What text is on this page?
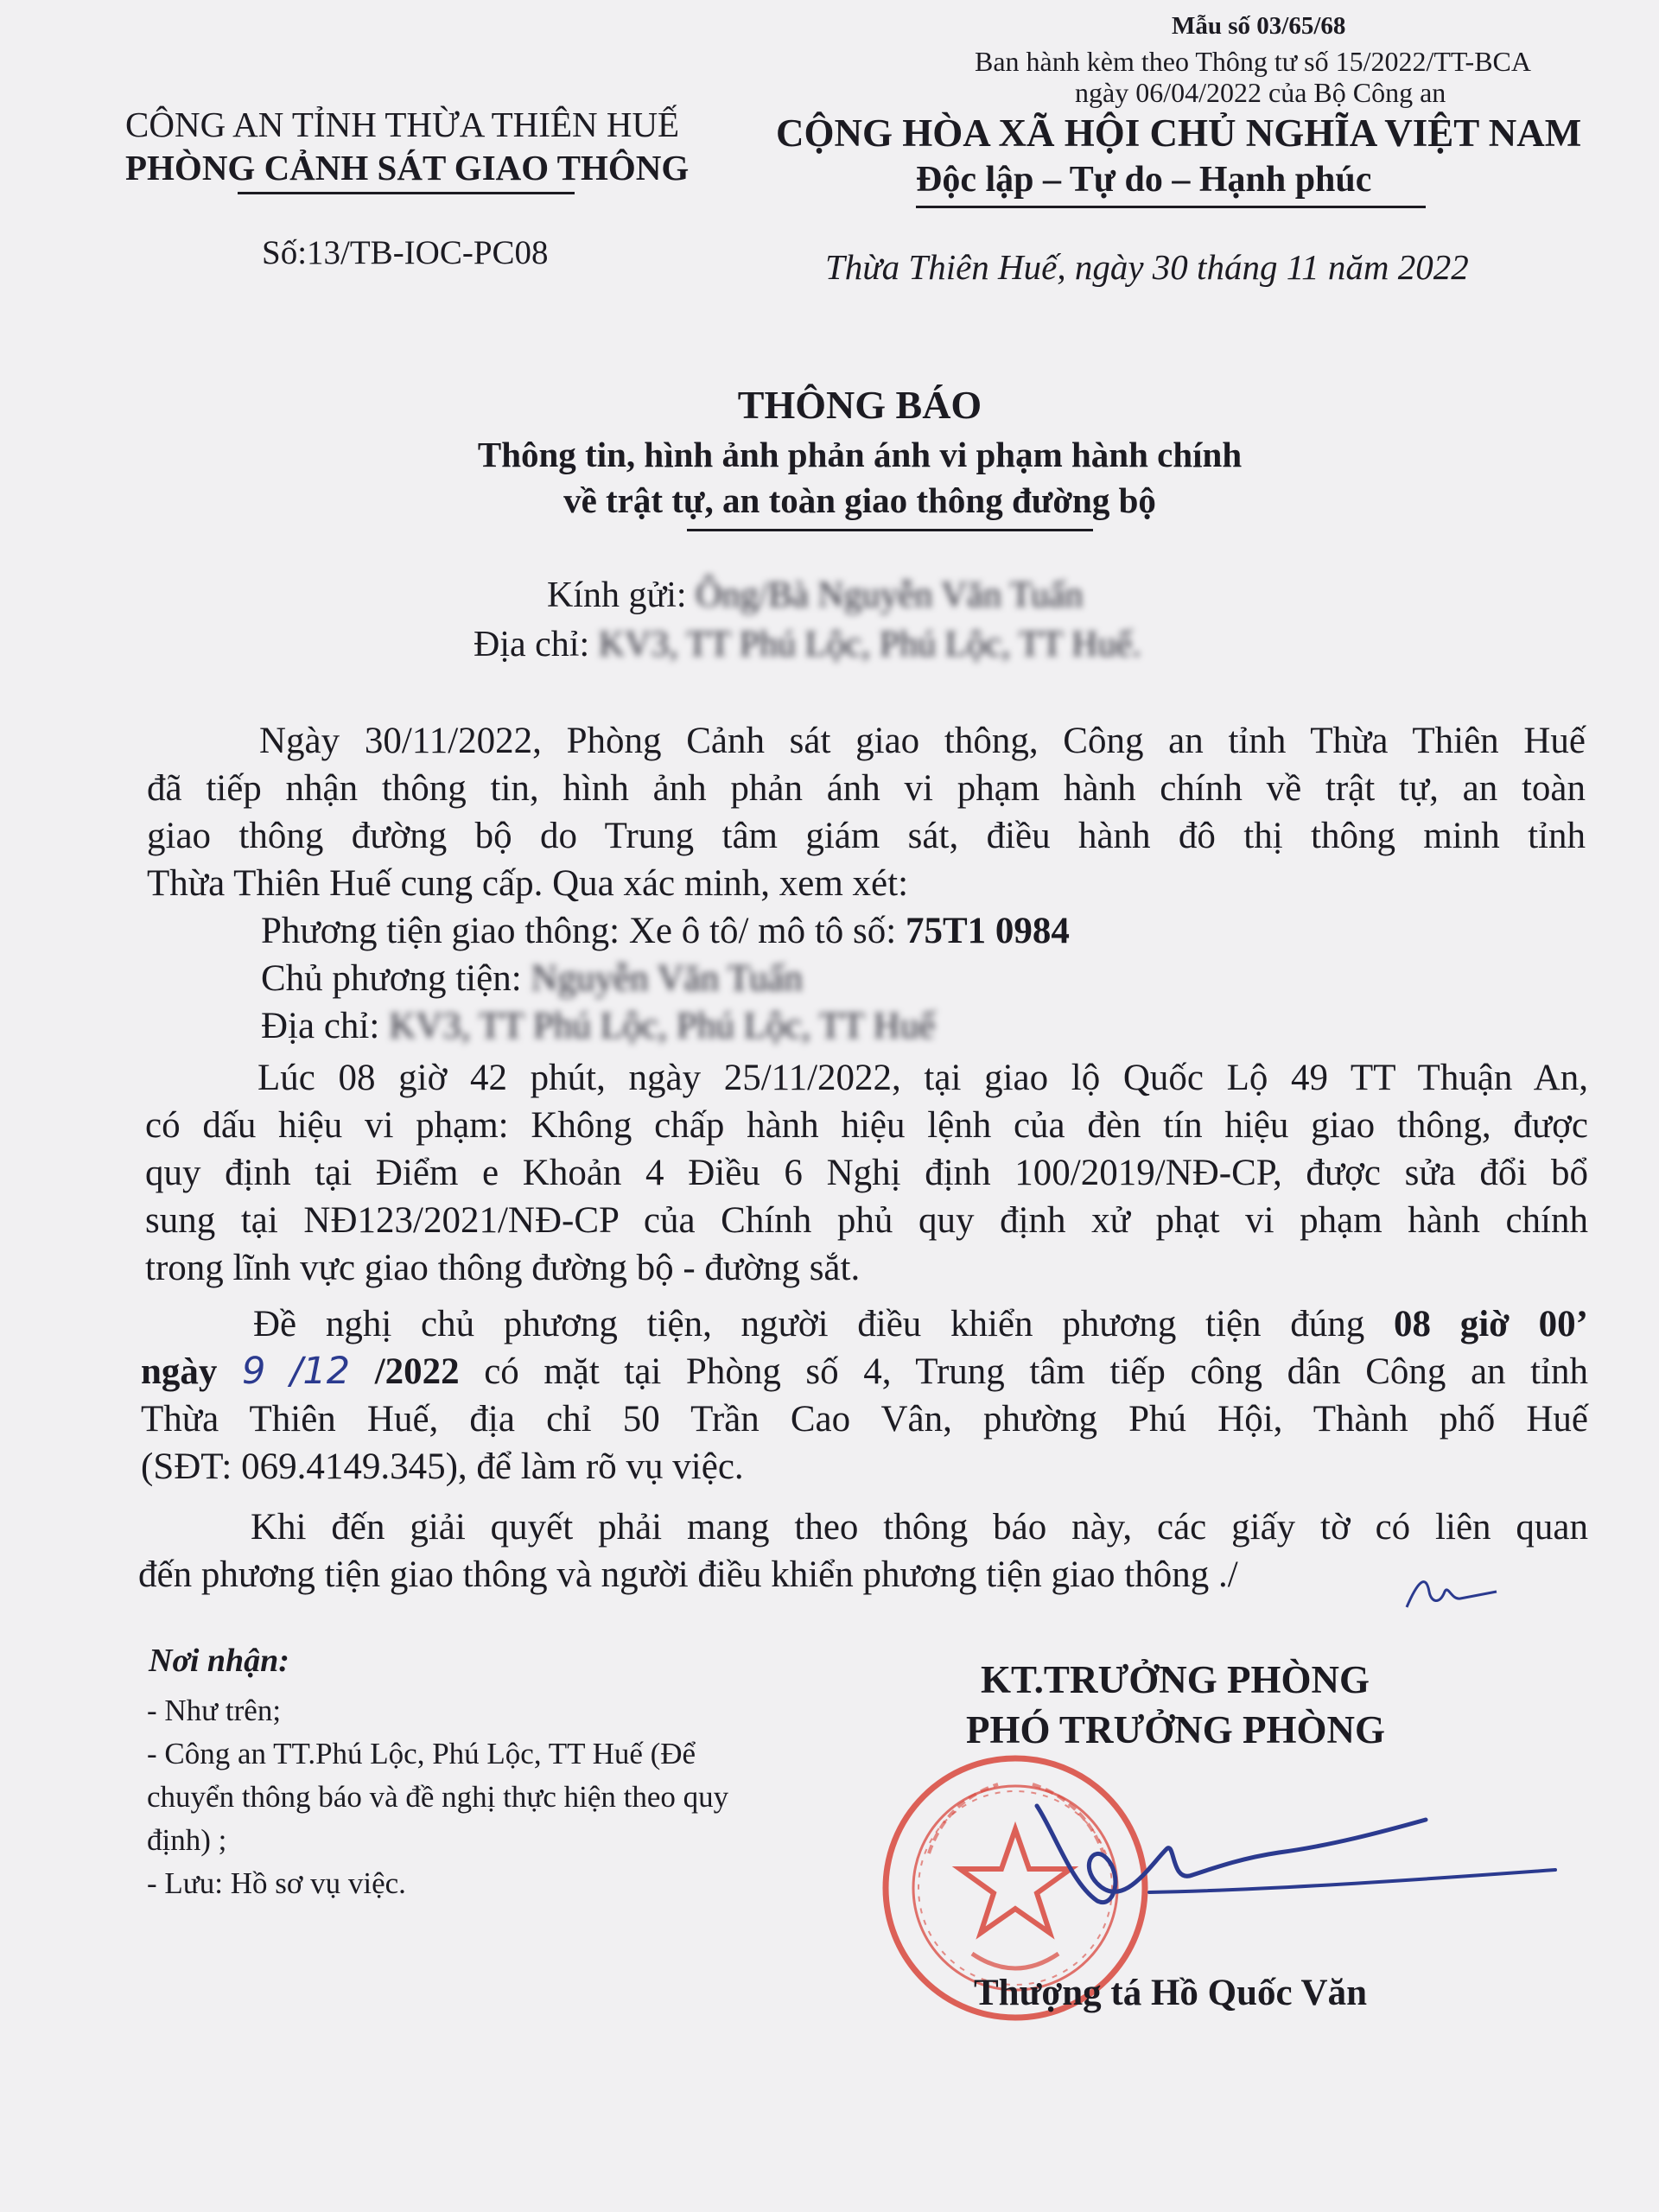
Mẫu số 03/65/68
Ban hành kèm theo Thông tư số 15/2022/TT-BCA
ngày 06/04/2022 của Bộ Công an
CÔNG AN TỈNH THỪA THIÊN HUẾ
PHÒNG CẢNH SÁT GIAO THÔNG
Số:13/TB-IOC-PC08
CỘNG HÒA XÃ HỘI CHỦ NGHĨA VIỆT NAM
Độc lập – Tự do – Hạnh phúc
Thừa Thiên Huế, ngày 30 tháng 11 năm 2022
THÔNG BÁO
Thông tin, hình ảnh phản ánh vi phạm hành chính
về trật tự, an toàn giao thông đường bộ
Kính gửi: Ông/Bà Nguyễn Văn Tuấn
Địa chỉ: KV3, TT Phú Lộc, Phú Lộc, TT Huế.
Ngày 30/11/2022, Phòng Cảnh sát giao thông, Công an tỉnh Thừa Thiên Huế
đã tiếp nhận thông tin, hình ảnh phản ánh vi phạm hành chính về trật tự, an toàn
giao thông đường bộ do Trung tâm giám sát, điều hành đô thị thông minh tỉnh
Thừa Thiên Huế cung cấp. Qua xác minh, xem xét:
Phương tiện giao thông: Xe ô tô/ mô tô số: 75T1 0984
Chủ phương tiện: Nguyễn Văn Tuấn
Địa chỉ: KV3, TT Phú Lộc, Phú Lộc, TT Huế
Lúc 08 giờ 42 phút, ngày 25/11/2022, tại giao lộ Quốc Lộ 49 TT Thuận An,
có dấu hiệu vi phạm: Không chấp hành hiệu lệnh của đèn tín hiệu giao thông, được
quy định tại Điểm e Khoản 4 Điều 6 Nghị định 100/2019/NĐ-CP, được sửa đổi bổ
sung tại NĐ123/2021/NĐ-CP của Chính phủ quy định xử phạt vi phạm hành chính
trong lĩnh vực giao thông đường bộ - đường sắt.
Đề nghị chủ phương tiện, người điều khiển phương tiện đúng 08 giờ 00’
ngày 9 /12 /2022 có mặt tại Phòng số 4, Trung tâm tiếp công dân Công an tỉnh
Thừa Thiên Huế, địa chỉ 50 Trần Cao Vân, phường Phú Hội, Thành phố Huế
(SĐT: 069.4149.345), để làm rõ vụ việc.
Khi đến giải quyết phải mang theo thông báo này, các giấy tờ có liên quan
đến phương tiện giao thông và người điều khiển phương tiện giao thông ./
Nơi nhận:
- Như trên;
- Công an TT.Phú Lộc, Phú Lộc, TT Huế (Để
chuyển thông báo và đề nghị thực hiện theo quy
định) ;
- Lưu: Hồ sơ vụ việc.
KT.TRƯỞNG PHÒNG
PHÓ TRƯỞNG PHÒNG
Thượng tá Hồ Quốc Văn
